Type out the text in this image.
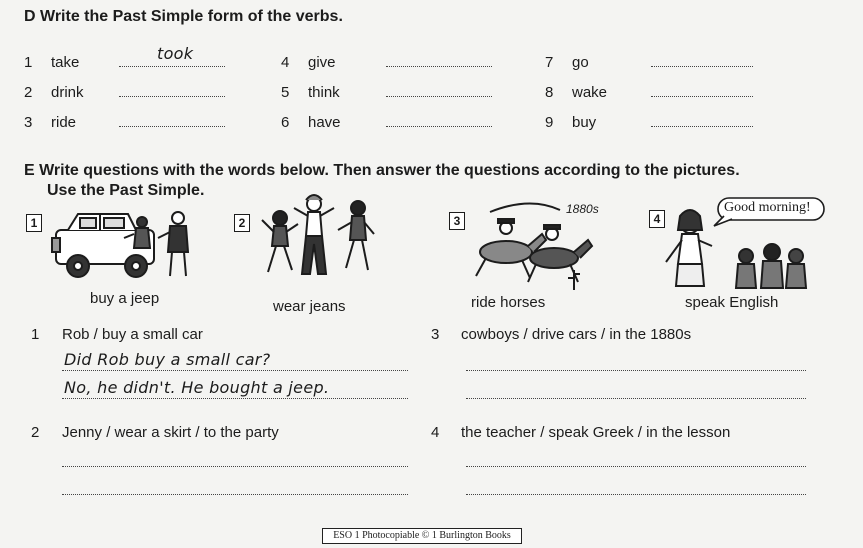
D Write the Past Simple form of the verbs.
1 take	took
2 drink
3 ride
4 give
5 think
6 have
7 go
8 wake
9 buy
E Write questions with the words below. Then answer the questions according to the pictures.
Use the Past Simple.
1
buy a jeep
2
wear jeans
3
1880s
ride horses
4
Good morning!
speak English
1 Rob / buy a small car
Did Rob buy a small car?
No, he didn't. He bought a jeep.
2 Jenny / wear a skirt / to the party
3 cowboys / drive cars / in the 1880s
4 the teacher / speak Greek / in the lesson
ESO 1 Photocopiable © 1 Burlington Books
